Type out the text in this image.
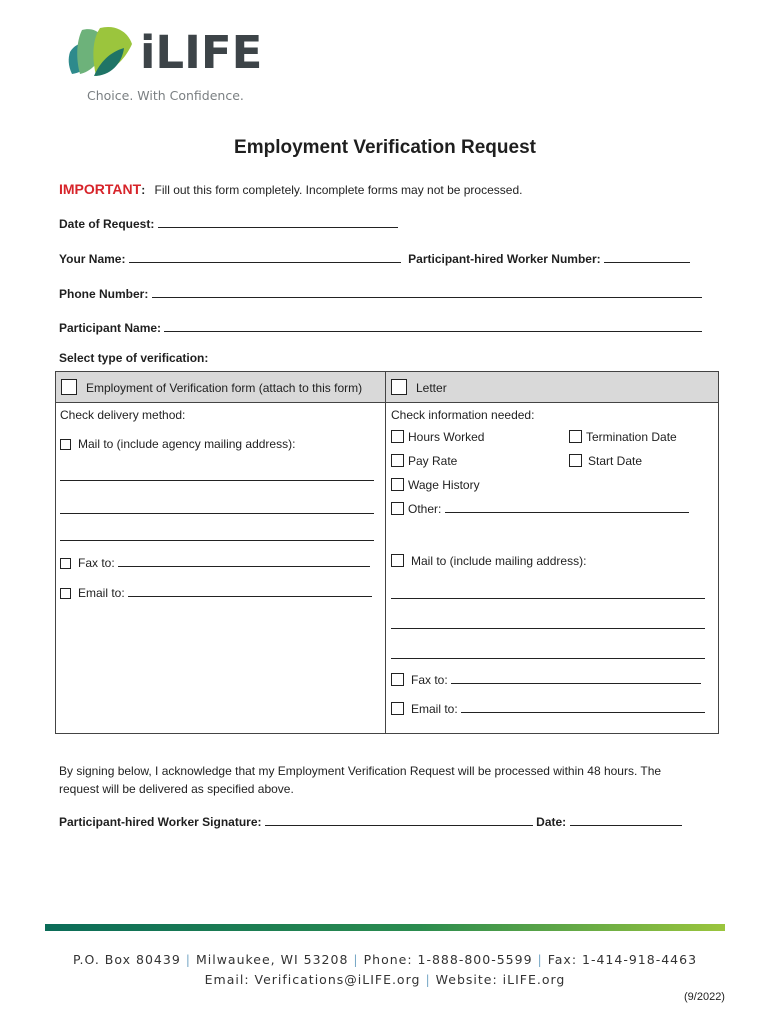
iLIFE
Choice. With Confidence.
Employment Verification Request
IMPORTANT: Fill out this form completely. Incomplete forms may not be processed.
Date of Request:
Your Name:	Participant-hired Worker Number:
Phone Number:
Participant Name:
Select type of verification:
Employment of Verification form (attach to this form)	Letter
Check delivery method:
Mail to (include agency mailing address):
Fax to:
Email to:
Check information needed:
Hours Worked	Termination Date
Pay Rate	Start Date
Wage History
Other:
Mail to (include mailing address):
Fax to:
Email to:
By signing below, I acknowledge that my Employment Verification Request will be processed within 48 hours. The
request will be delivered as specified above.
Participant-hired Worker Signature:	Date:
P.O. Box 80439 | Milwaukee, WI 53208 | Phone: 1-888-800-5599 | Fax: 1-414-918-4463
Email: Verifications@iLIFE.org | Website: iLIFE.org
(9/2022)
